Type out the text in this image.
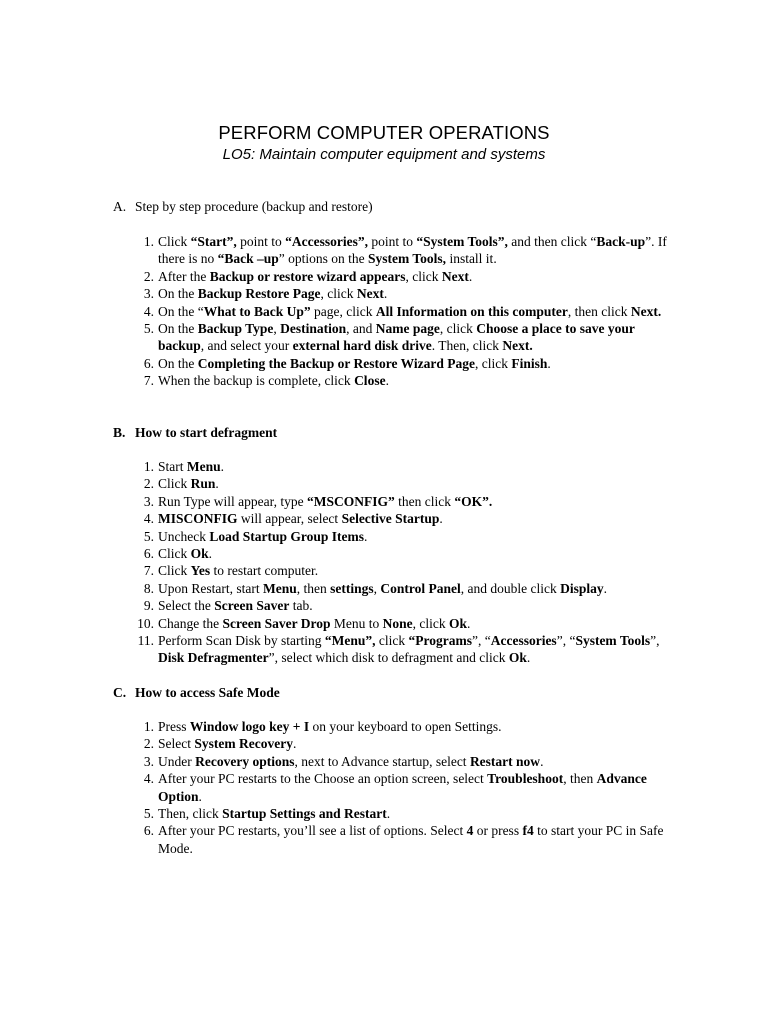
PERFORM COMPUTER OPERATIONS
LO5: Maintain computer equipment and systems
A. Step by step procedure (backup and restore)
1. Click “Start”, point to “Accessories”, point to “System Tools”, and then click “Back-up”. If there is no “Back –up” options on the System Tools, install it.
2. After the Backup or restore wizard appears, click Next.
3. On the Backup Restore Page, click Next.
4. On the “What to Back Up” page, click All Information on this computer, then click Next.
5. On the Backup Type, Destination, and Name page, click Choose a place to save your backup, and select your external hard disk drive. Then, click Next.
6. On the Completing the Backup or Restore Wizard Page, click Finish.
7. When the backup is complete, click Close.
B. How to start defragment
1. Start Menu.
2. Click Run.
3. Run Type will appear, type “MSCONFIG” then click “OK”.
4. MISCONFIG will appear, select Selective Startup.
5. Uncheck Load Startup Group Items.
6. Click Ok.
7. Click Yes to restart computer.
8. Upon Restart, start Menu, then settings, Control Panel, and double click Display.
9. Select the Screen Saver tab.
10. Change the Screen Saver Drop Menu to None, click Ok.
11. Perform Scan Disk by starting “Menu”, click “Programs”, “Accessories”, “System Tools”, Disk Defragmenter”, select which disk to defragment and click Ok.
C. How to access Safe Mode
1. Press Window logo key + I on your keyboard to open Settings.
2. Select System Recovery.
3. Under Recovery options, next to Advance startup, select Restart now.
4. After your PC restarts to the Choose an option screen, select Troubleshoot, then Advance Option.
5. Then, click Startup Settings and Restart.
6. After your PC restarts, you’ll see a list of options. Select 4 or press f4 to start your PC in Safe Mode.
